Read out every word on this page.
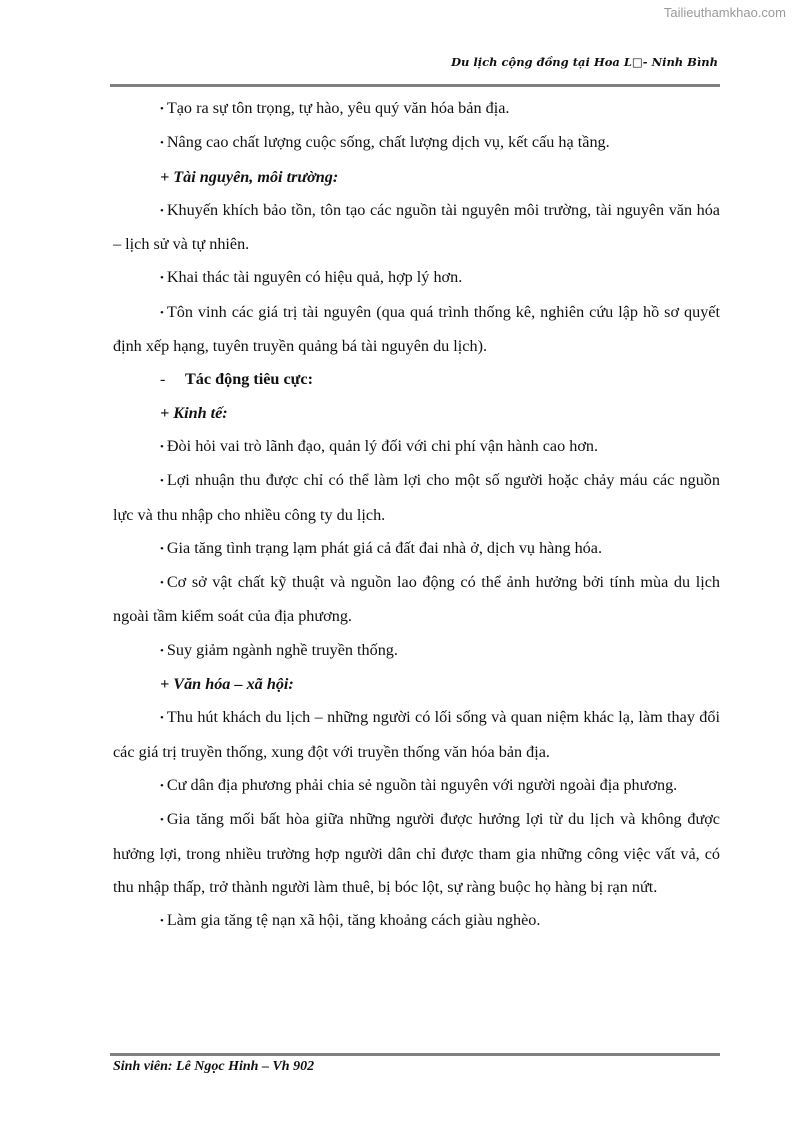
Tailieuthamkhao.com
Du lịch cộng đồng tại Hoa L□- Ninh Bình

• Tạo ra sự tôn trọng, tự hào, yêu quý văn hóa bản địa.

• Nâng cao chất lượng cuộc sống, chất lượng dịch vụ, kết cấu hạ tầng.

+ Tài nguyên, môi trường:

• Khuyến khích bảo tồn, tôn tạo các nguồn tài nguyên môi trường, tài nguyên văn hóa – lịch sử và tự nhiên.

• Khai thác tài nguyên có hiệu quả, hợp lý hơn.

• Tôn vinh các giá trị tài nguyên (qua quá trình thống kê, nghiên cứu lập hồ sơ quyết định xếp hạng, tuyên truyền quảng bá tài nguyên du lịch).

- Tác động tiêu cực:

+ Kinh tế:

• Đòi hỏi vai trò lãnh đạo, quản lý đối với chi phí vận hành cao hơn.

• Lợi nhuận thu được chỉ có thể làm lợi cho một số người hoặc chảy máu các nguồn lực và thu nhập cho nhiều công ty du lịch.

• Gia tăng tình trạng lạm phát giá cả đất đai nhà ở, dịch vụ hàng hóa.

• Cơ sở vật chất kỹ thuật và nguồn lao động có thể ảnh hưởng bởi tính mùa du lịch ngoài tầm kiểm soát của địa phương.

• Suy giảm ngành nghề truyền thống.

+ Văn hóa – xã hội:

• Thu hút khách du lịch – những người có lối sống và quan niệm khác lạ, làm thay đổi các giá trị truyền thống, xung đột với truyền thống văn hóa bản địa.

• Cư dân địa phương phải chia sẻ nguồn tài nguyên với người ngoài địa phương.

• Gia tăng mối bất hòa giữa những người được hưởng lợi từ du lịch và không được hưởng lợi, trong nhiều trường hợp người dân chỉ được tham gia những công việc vất vả, có thu nhập thấp, trở thành người làm thuê, bị bóc lột, sự ràng buộc họ hàng bị rạn nứt.

• Làm gia tăng tệ nạn xã hội, tăng khoảng cách giàu nghèo.

Sinh viên: Lê Ngọc Hinh – Vh 902
